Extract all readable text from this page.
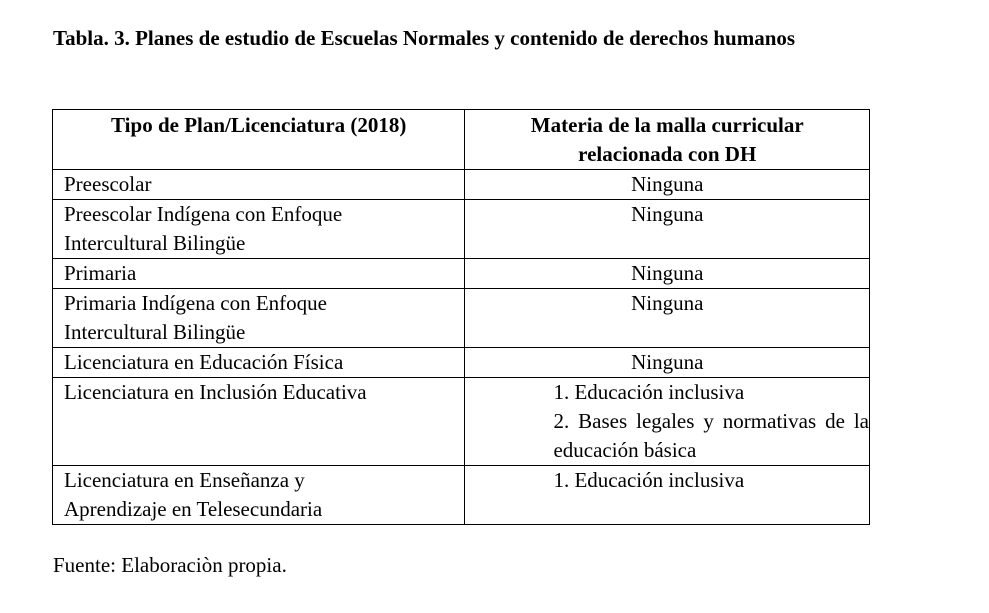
Tabla. 3. Planes de estudio de Escuelas Normales y contenido de derechos humanos
Tipo de Plan/Licenciatura (2018)	Materia de la malla curricular
relacionada con DH

Preescolar	Ninguna

Preescolar Indígena con Enfoque
Intercultural Bilingüe	Ninguna

Primaria	Ninguna

Primaria Indígena con Enfoque
Intercultural Bilingüe	Ninguna

Licenciatura en Educación Física	Ninguna

Licenciatura en Inclusión Educativa	1. Educación inclusiva
2. Bases legales y normativas de la educación básica

Licenciatura en Enseñanza y
Aprendizaje en Telesecundaria	1. Educación inclusiva
Fuente: Elaboraciòn propia.
